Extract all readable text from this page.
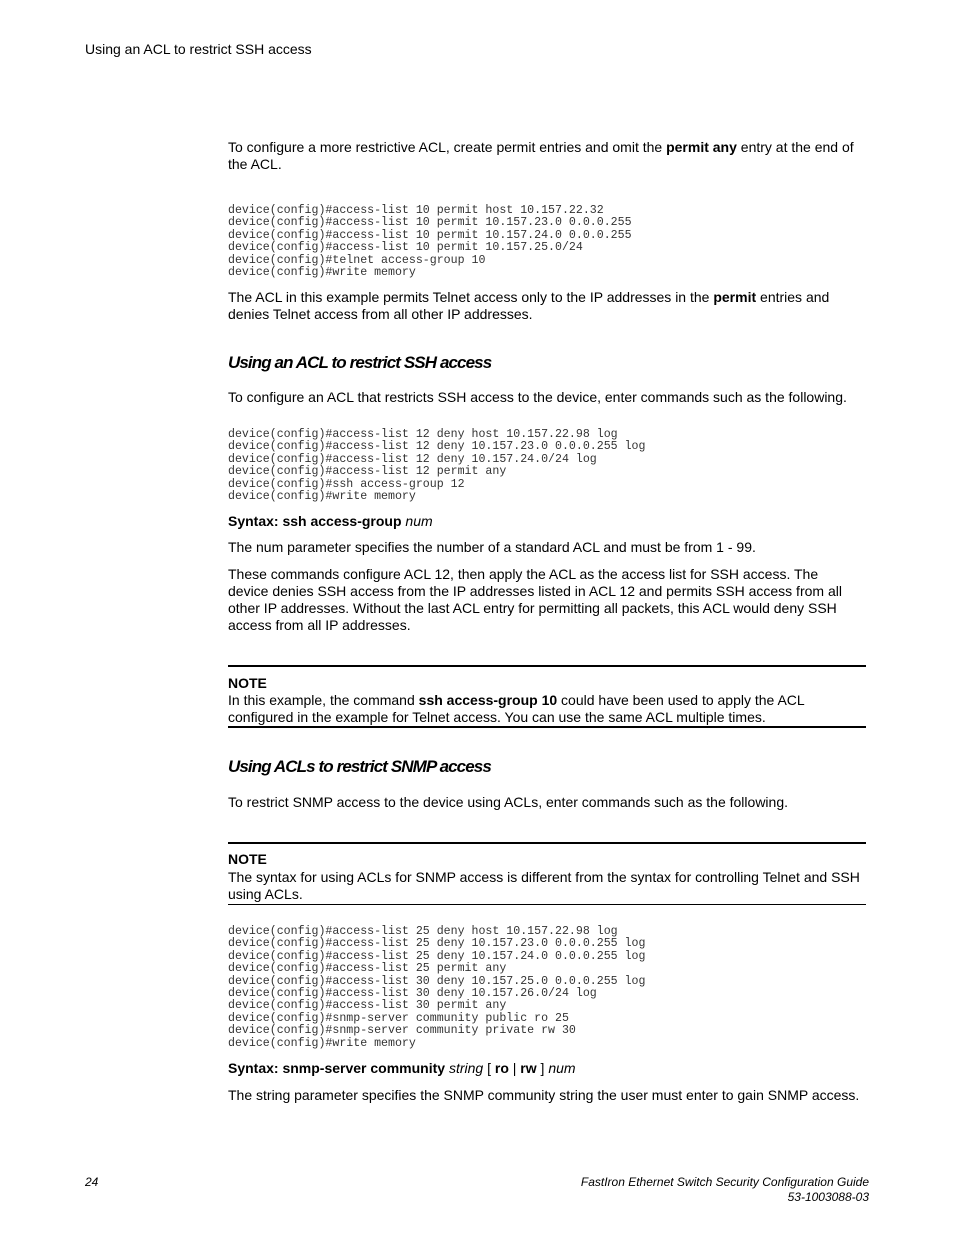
Using an ACL to restrict SSH access
To configure a more restrictive ACL, create permit entries and omit the permit any entry at the end of the ACL.
device(config)#access-list 10 permit host 10.157.22.32
device(config)#access-list 10 permit 10.157.23.0 0.0.0.255
device(config)#access-list 10 permit 10.157.24.0 0.0.0.255
device(config)#access-list 10 permit 10.157.25.0/24
device(config)#telnet access-group 10
device(config)#write memory
The ACL in this example permits Telnet access only to the IP addresses in the permit entries and denies Telnet access from all other IP addresses.
Using an ACL to restrict SSH access
To configure an ACL that restricts SSH access to the device, enter commands such as the following.
device(config)#access-list 12 deny host 10.157.22.98 log
device(config)#access-list 12 deny 10.157.23.0 0.0.0.255 log
device(config)#access-list 12 deny 10.157.24.0/24 log
device(config)#access-list 12 permit any
device(config)#ssh access-group 12
device(config)#write memory
Syntax: ssh access-group num
The num parameter specifies the number of a standard ACL and must be from 1 - 99.
These commands configure ACL 12, then apply the ACL as the access list for SSH access. The device denies SSH access from the IP addresses listed in ACL 12 and permits SSH access from all other IP addresses. Without the last ACL entry for permitting all packets, this ACL would deny SSH access from all IP addresses.
NOTE
In this example, the command ssh access-group 10 could have been used to apply the ACL configured in the example for Telnet access. You can use the same ACL multiple times.
Using ACLs to restrict SNMP access
To restrict SNMP access to the device using ACLs, enter commands such as the following.
NOTE
The syntax for using ACLs for SNMP access is different from the syntax for controlling Telnet and SSH using ACLs.
device(config)#access-list 25 deny host 10.157.22.98 log
device(config)#access-list 25 deny 10.157.23.0 0.0.0.255 log
device(config)#access-list 25 deny 10.157.24.0 0.0.0.255 log
device(config)#access-list 25 permit any
device(config)#access-list 30 deny 10.157.25.0 0.0.0.255 log
device(config)#access-list 30 deny 10.157.26.0/24 log
device(config)#access-list 30 permit any
device(config)#snmp-server community public ro 25
device(config)#snmp-server community private rw 30
device(config)#write memory
Syntax: snmp-server community string [ ro | rw ] num
The string parameter specifies the SNMP community string the user must enter to gain SNMP access.
24	FastIron Ethernet Switch Security Configuration Guide
53-1003088-03
